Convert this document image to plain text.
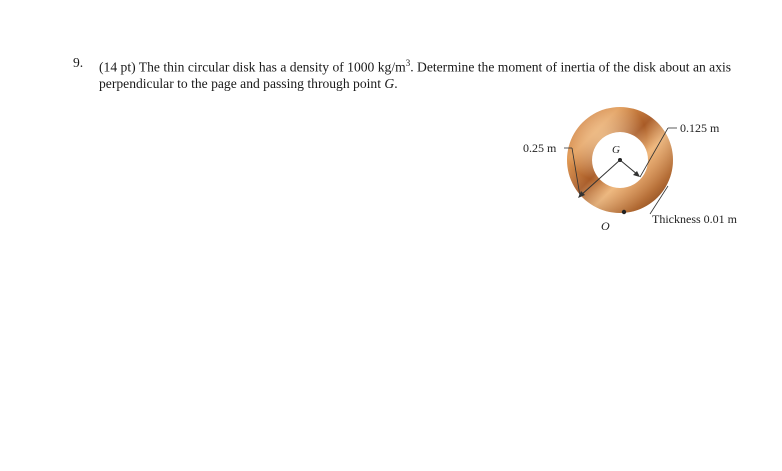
9. (14 pt) The thin circular disk has a density of 1000 $kg/m^3$. Determine the moment of inertia of the disk about an axis perpendicular to the page and passing through point G.
0.25 m
0.125 m
G
O	Thickness 0.01 m
